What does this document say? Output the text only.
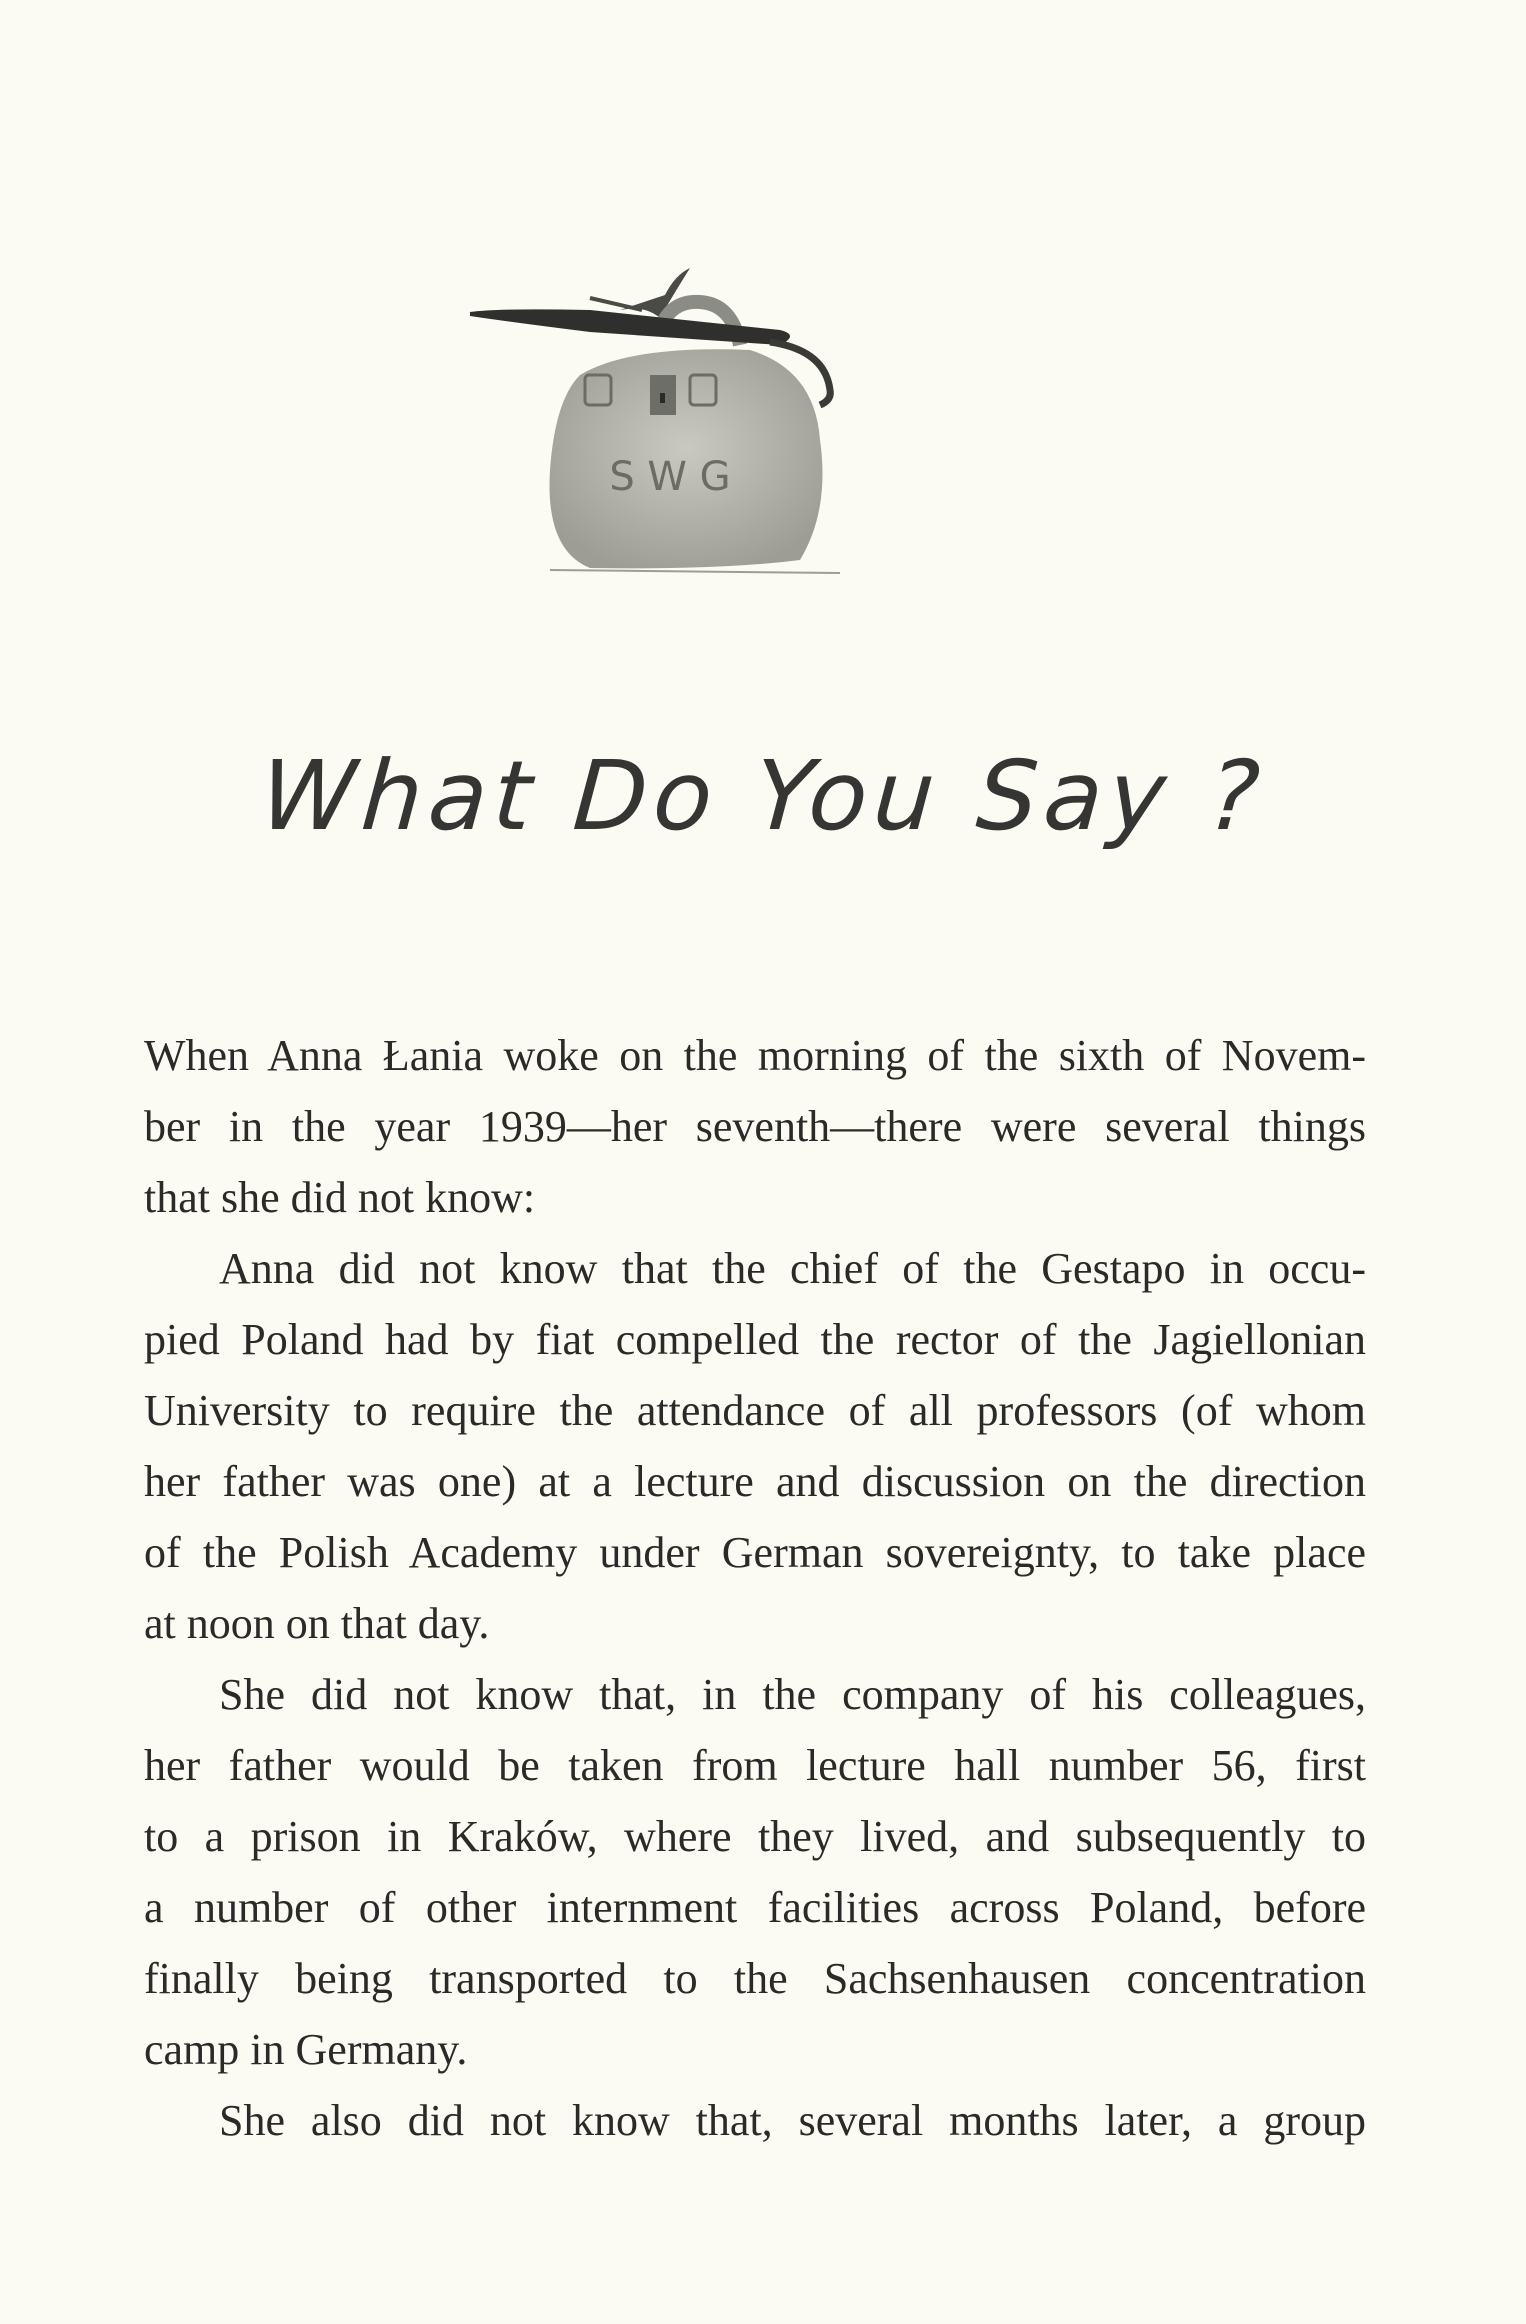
S W G
What Do You Say ?
When Anna Łania woke on the morning of the sixth of Novem-
ber in the year 1939—her seventh—there were several things
that she did not know:
Anna did not know that the chief of the Gestapo in occu-
pied Poland had by fiat compelled the rector of the Jagiellonian
University to require the attendance of all professors (of whom
her father was one) at a lecture and discussion on the direction
of the Polish Academy under German sovereignty, to take place
at noon on that day.
She did not know that, in the company of his colleagues,
her father would be taken from lecture hall number 56, first
to a prison in Kraków, where they lived, and subsequently to
a number of other internment facilities across Poland, before
finally being transported to the Sachsenhausen concentration
camp in Germany.
She also did not know that, several months later, a group
